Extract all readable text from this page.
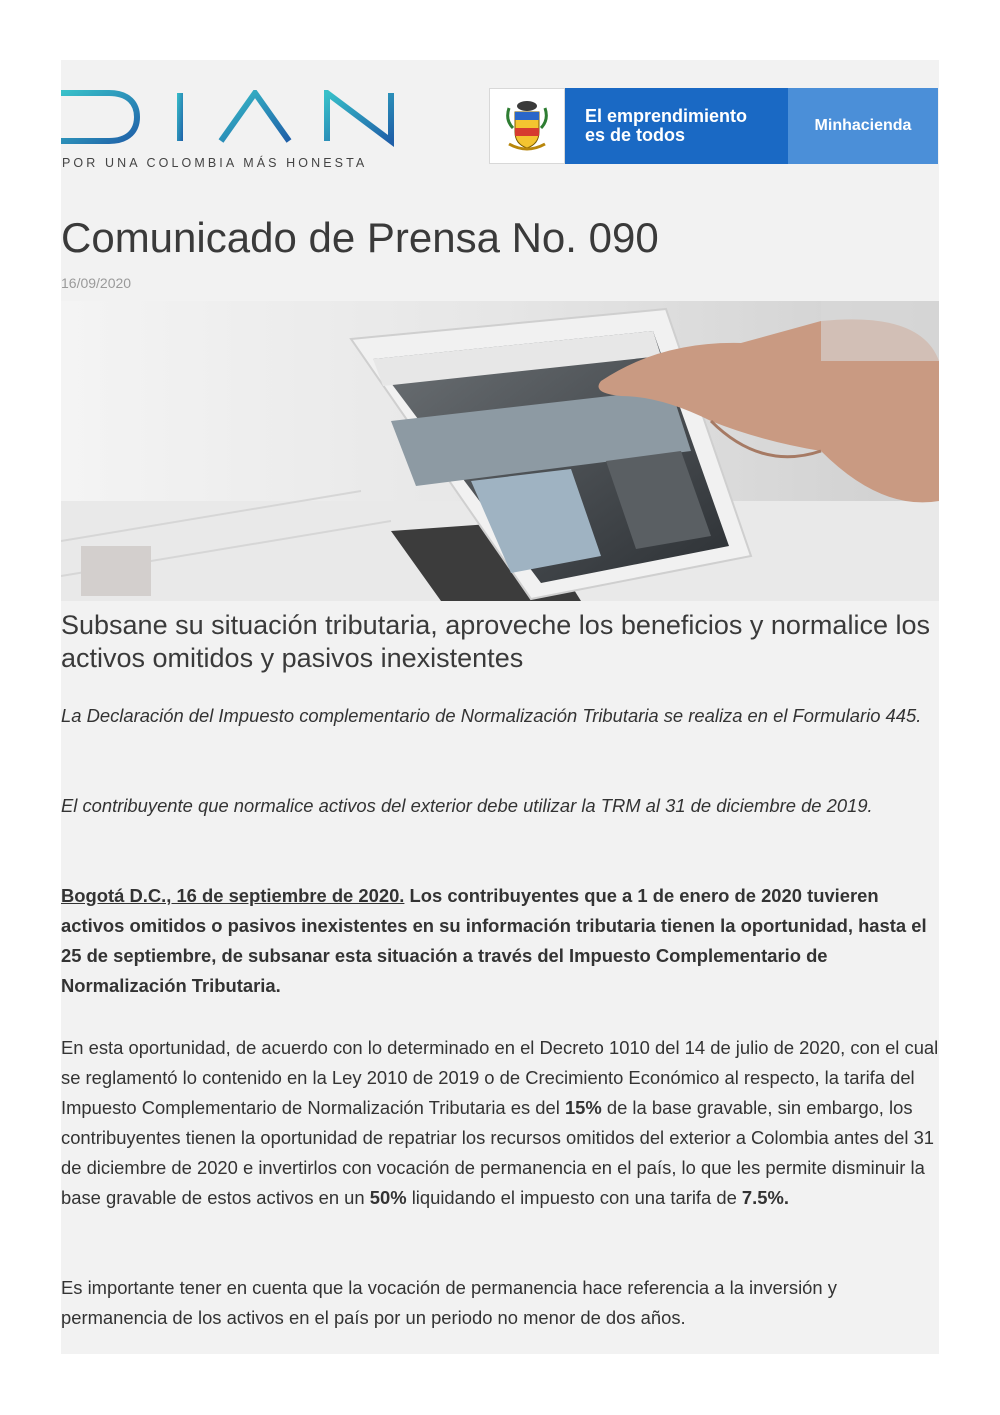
POR UNA COLOMBIA MÁS HONESTA
El emprendimiento
es de todos	Minhacienda
Comunicado de Prensa No. 090
16/09/2020
Subsane su situación tributaria, aproveche los beneficios y normalice los activos omitidos y pasivos inexistentes

La Declaración del Impuesto complementario de Normalización Tributaria se realiza en el Formulario 445.

El contribuyente que normalice activos del exterior debe utilizar la TRM al 31 de diciembre de 2019.

Bogotá D.C., 16 de septiembre de 2020. Los contribuyentes que a 1 de enero de 2020 tuvieren activos omitidos o pasivos inexistentes en su información tributaria tienen la oportunidad, hasta el 25 de septiembre, de subsanar esta situación a través del Impuesto Complementario de Normalización Tributaria.

En esta oportunidad, de acuerdo con lo determinado en el Decreto 1010 del 14 de julio de 2020, con el cual se reglamentó lo contenido en la Ley 2010 de 2019 o de Crecimiento Económico al respecto, la tarifa del Impuesto Complementario de Normalización Tributaria es del 15% de la base gravable, sin embargo, los contribuyentes tienen la oportunidad de repatriar los recursos omitidos del exterior a Colombia antes del 31 de diciembre de 2020 e invertirlos con vocación de permanencia en el país, lo que les permite disminuir la base gravable de estos activos en un 50% liquidando el impuesto con una tarifa de 7.5%.

Es importante tener en cuenta que la vocación de permanencia hace referencia a la inversión y permanencia de los activos en el país por un periodo no menor de dos años.
